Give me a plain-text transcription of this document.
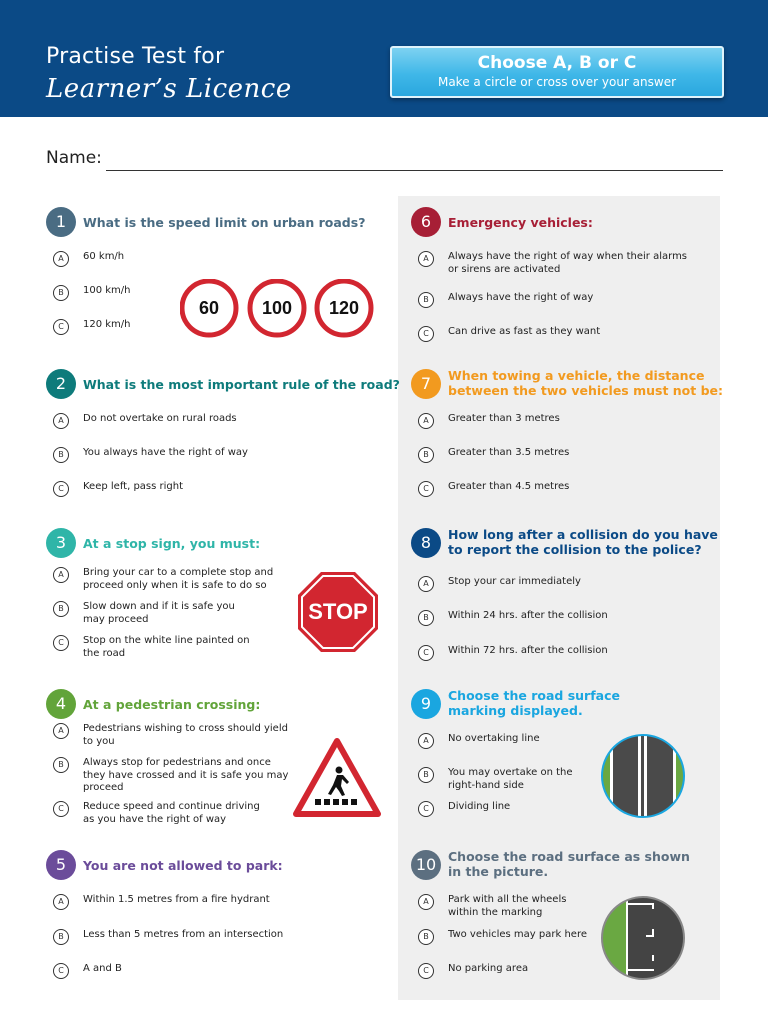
Practise Test for
Learner’s Licence
Choose A, B or C
Make a circle or cross over your answer
Name:
1	What is the speed limit on urban roads?
A	60 km/h
B	100 km/h
C	120 km/h
2	What is the most important rule of the road?
A	Do not overtake on rural roads
B	You always have the right of way
C	Keep left, pass right
3	At a stop sign, you must:
A	Bring your car to a complete stop and
proceed only when it is safe to do so
B	Slow down and if it is safe you
may proceed
C	Stop on the white line painted on
the road
4	At a pedestrian crossing:
A	Pedestrians wishing to cross should yield
to you
B	Always stop for pedestrians and once
they have crossed and it is safe you may
proceed
C	Reduce speed and continue driving
as you have the right of way
5	You are not allowed to park:
A	Within 1.5 metres from a fire hydrant
B	Less than 5 metres from an intersection
C	A and B
6	Emergency vehicles:
A	Always have the right of way when their alarms
or sirens are activated
B	Always have the right of way
C	Can drive as fast as they want
7	When towing a vehicle, the distance
between the two vehicles must not be:
A	Greater than 3 metres
B	Greater than 3.5 metres
C	Greater than 4.5 metres
8	How long after a collision do you have
to report the collision to the police?
A	Stop your car immediately
B	Within 24 hrs. after the collision
C	Within 72 hrs. after the collision
9	Choose the road surface
marking displayed.
A	No overtaking line
B	You may overtake on the
right-hand side
C	Dividing line
10 Choose the road surface as shown
in the picture.
A	Park with all the wheels
within the marking
B	Two vehicles may park here
C	No parking area
60 100 120
STOP
